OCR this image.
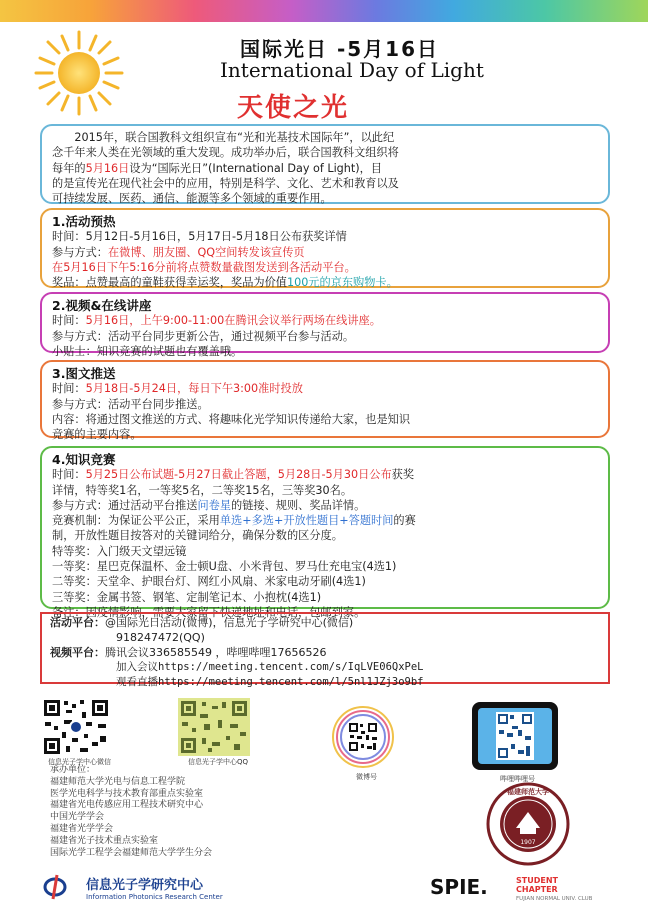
国际光日 -5月16日
International Day of Light
天使之光

2015年，联合国教科文组织宣布“光和光基技术国际年”，以此纪

念千年来人类在光领域的重大发现。成功举办后，联合国教科文组织将

每年的5月16日设为“国际光日”(International Day of Light)，目

的是宣传光在现代社会中的应用，特别是科学、文化、艺术和教育以及

可持续发展、医药、通信、能源等多个领域的重要作用。

1.活动预热

时间：5月12日-5月16日，5月17日-5月18日公布获奖详情

参与方式：在微博、朋友圈、QQ空间转发该宣传页

在5月16日下午5:16分前将点赞数量截图发送到各活动平台。

奖品：点赞最高的童鞋获得幸运奖，奖品为价值100元的京东购物卡。

2.视频&在线讲座

时间：5月16日，上午9:00-11:00在腾讯会议举行两场在线讲座。

参与方式：活动平台同步更新公告，通过视频平台参与活动。

小贴士：知识竞赛的试题也有覆盖哦。

3.图文推送

时间：5月18日-5月24日，每日下午3:00准时投放

参与方式：活动平台同步推送。

内容：将通过图文推送的方式、将趣味化光学知识传递给大家，也是知识

竞赛的主要内容。

4.知识竞赛

时间：5月25日公布试题-5月27日截止答题，5月28日-5月30日公布获奖

详情，特等奖1名，一等奖5名，二等奖15名，三等奖30名。

参与方式：通过活动平台推送问卷星的链接、规则、奖品详情。

竞赛机制：为保证公平公正，采用单选+多选+开放性题目+答题时间的赛

制，开放性题目按答对的关键词给分，确保分数的区分度。

特等奖：入门级天文望远镜

一等奖：星巴克保温杯、金士顿U盘、小米背包、罗马仕充电宝(4选1)

二等奖：天堂伞、护眼台灯、网红小风扇、米家电动牙刷(4选1)

三等奖：金属书签、钢笔、定制笔记本、小抱枕(4选1)

备注：因疫情影响，需要大家留下快递地址和电话，包邮到家。

活动平台：@国际光日活动(微博)，信息光子学研究中心(微信)

918247472(QQ)

视频平台：腾讯会议336585549 ，哔哩哔哩17656526

加入会议https://meeting.tencent.com/s/IqLVE06QxPeL

观看直播https://meeting.tencent.com/l/5nl1JZj3o9bf

信息光子学中心微信	信息光子学中心QQ
微博号	哔哩哔哩号

承办单位：

福建师范大学光电与信息工程学院

医学光电科学与技术教育部重点实验室

福建省光电传感应用工程技术研究中心

中国光学学会

福建省光学学会

福建省光子技术重点实验室

国际光学工程学会福建师范大学学生分会

1907
福建师范大学
信息光子学研究中心
Information Photonics Research Center	SPIE.	STUDENT
CHAPTER
FUJIAN NORMAL UNIV. CLUB
